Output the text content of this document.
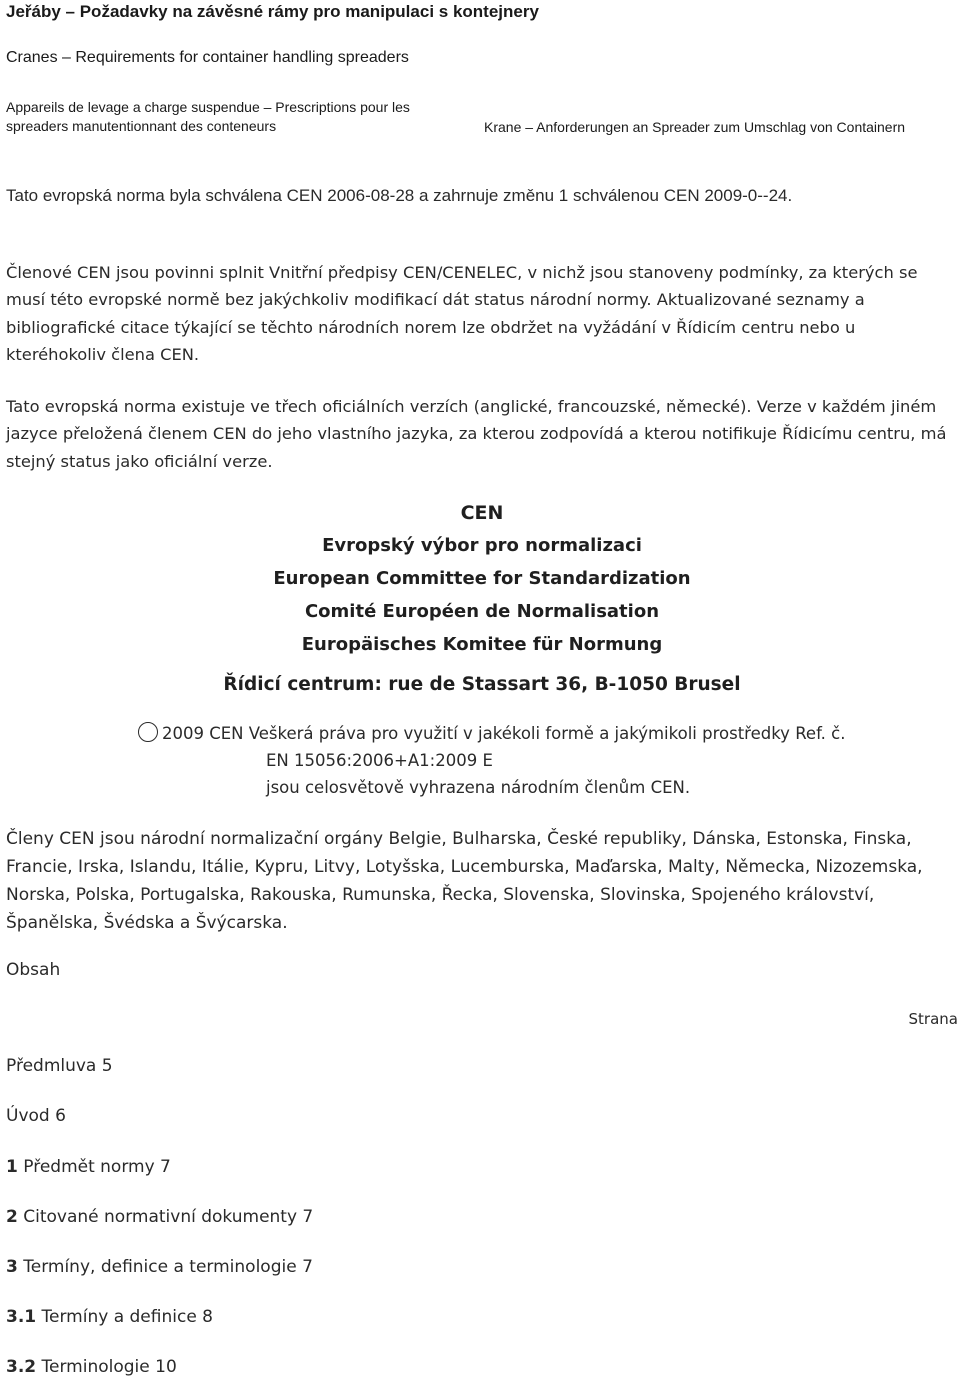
Jeřáby – Požadavky na závěsné rámy pro manipulaci s kontejnery
Cranes – Requirements for container handling spreaders
Appareils de levage a charge suspendue – Prescriptions pour les spreaders manutentionnant des conteneurs	Krane – Anforderungen an Spreader zum Umschlag von Containern

Tato evropská norma byla schválena CEN 2006-08-28 a zahrnuje změnu 1 schválenou CEN 2009-0--24.

Členové CEN jsou povinni splnit Vnitřní předpisy CEN/CENELEC, v nichž jsou stanoveny podmínky, za kterých se musí této evropské normě bez jakýchkoliv modifikací dát status národní normy. Aktualizované seznamy a bibliografické citace týkající se těchto národních norem lze obdržet na vyžádání v Řídicím centru nebo u kteréhokoliv člena CEN.

Tato evropská norma existuje ve třech oficiálních verzích (anglické, francouzské, německé). Verze v každém jiném jazyce přeložená členem CEN do jeho vlastního jazyka, za kterou zodpovídá a kterou notifikuje Řídicímu centru, má stejný status jako oficiální verze.

CEN
Evropský výbor pro normalizaci
European Committee for Standardization
Comité Européen de Normalisation
Europäisches Komitee für Normung
Řídicí centrum: rue de Stassart 36, B-1050 Brusel
2009 CEN Veškerá práva pro využití v jakékoli formě a jakýmikoli prostředky Ref. č.
EN 15056:2006+A1:2009 E
jsou celosvětově vyhrazena národním členům CEN.

Členy CEN jsou národní normalizační orgány Belgie, Bulharska, České republiky, Dánska, Estonska, Finska, Francie, Irska, Islandu, Itálie, Kypru, Litvy, Lotyšska, Lucemburska, Maďarska, Malty, Německa, Nizozemska, Norska, Polska, Portugalska, Rakouska, Rumunska, Řecka, Slovenska, Slovinska, Spojeného království, Španělska, Švédska a Švýcarska.

Obsah
Strana
Předmluva 5
Úvod 6
1 Předmět normy 7
2 Citované normativní dokumenty 7
3 Termíny, definice a terminologie 7
3.1 Termíny a definice 8
3.2 Terminologie 10
